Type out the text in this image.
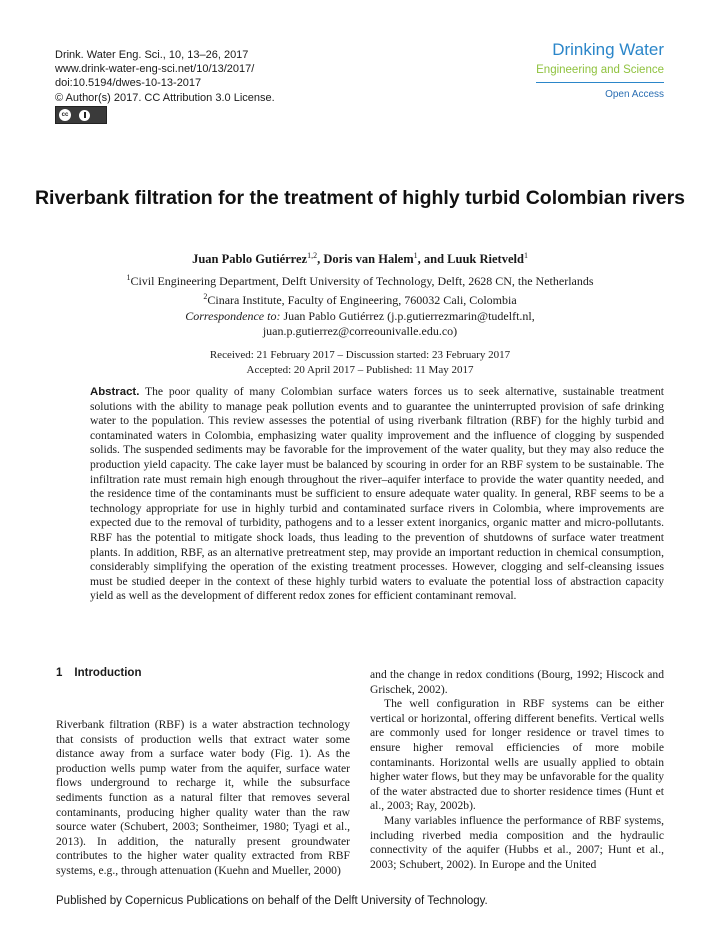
Drink. Water Eng. Sci., 10, 13–26, 2017
www.drink-water-eng-sci.net/10/13/2017/
doi:10.5194/dwes-10-13-2017
© Author(s) 2017. CC Attribution 3.0 License.
cc
Drinking Water
Engineering and Science
Open Access
Riverbank filtration for the treatment of highly turbid Colombian rivers
Juan Pablo Gutiérrez$^{1,2}$, Doris van Halem$^1$, and Luuk Rietveld$^1$
$^1$Civil Engineering Department, Delft University of Technology, Delft, 2628 CN, the Netherlands
$^2$Cinara Institute, Faculty of Engineering, 760032 Cali, Colombia
Correspondence to: Juan Pablo Gutiérrez (j.p.gutierrezmarin@tudelft.nl,
juan.p.gutierrez@correounivalle.edu.co)
Received: 21 February 2017 – Discussion started: 23 February 2017
Accepted: 20 April 2017 – Published: 11 May 2017
Abstract. The poor quality of many Colombian surface waters forces us to seek alternative, sustainable treatment solutions with the ability to manage peak pollution events and to guarantee the uninterrupted provision of safe drinking water to the population. This review assesses the potential of using riverbank filtration (RBF) for the highly turbid and contaminated waters in Colombia, emphasizing water quality improvement and the influence of clogging by suspended solids. The suspended sediments may be favorable for the improvement of the water quality, but they may also reduce the production yield capacity. The cake layer must be balanced by scouring in order for an RBF system to be sustainable. The infiltration rate must remain high enough throughout the river–aquifer interface to provide the water quantity needed, and the residence time of the contaminants must be sufficient to ensure adequate water quality. In general, RBF seems to be a technology appropriate for use in highly turbid and contaminated surface rivers in Colombia, where improvements are expected due to the removal of turbidity, pathogens and to a lesser extent inorganics, organic matter and micro-pollutants. RBF has the potential to mitigate shock loads, thus leading to the prevention of shutdowns of surface water treatment plants. In addition, RBF, as an alternative pretreatment step, may provide an important reduction in chemical consumption, considerably simplifying the operation of the existing treatment processes. However, clogging and self-cleansing issues must be studied deeper in the context of these highly turbid waters to evaluate the potential loss of abstraction capacity yield as well as the development of different redox zones for efficient contaminant removal.
1 Introduction

Riverbank filtration (RBF) is a water abstraction technology that consists of production wells that extract water some distance away from a surface water body (Fig. 1). As the production wells pump water from the aquifer, surface water flows underground to recharge it, while the subsurface sediments function as a natural filter that removes several contaminants, producing higher quality water than the raw source water (Schubert, 2003; Sontheimer, 1980; Tyagi et al., 2013). In addition, the naturally present groundwater contributes to the higher water quality extracted from RBF systems, e.g., through attenuation (Kuehn and Mueller, 2000)

and the change in redox conditions (Bourg, 1992; Hiscock and Grischek, 2002).

The well configuration in RBF systems can be either vertical or horizontal, offering different benefits. Vertical wells are commonly used for longer residence or travel times to ensure higher removal efficiencies of more mobile contaminants. Horizontal wells are usually applied to obtain higher water flows, but they may be unfavorable for the quality of the water abstracted due to shorter residence times (Hunt et al., 2003; Ray, 2002b).

Many variables influence the performance of RBF systems, including riverbed media composition and the hydraulic connectivity of the aquifer (Hubbs et al., 2007; Hunt et al., 2003; Schubert, 2002). In Europe and the United

Published by Copernicus Publications on behalf of the Delft University of Technology.
